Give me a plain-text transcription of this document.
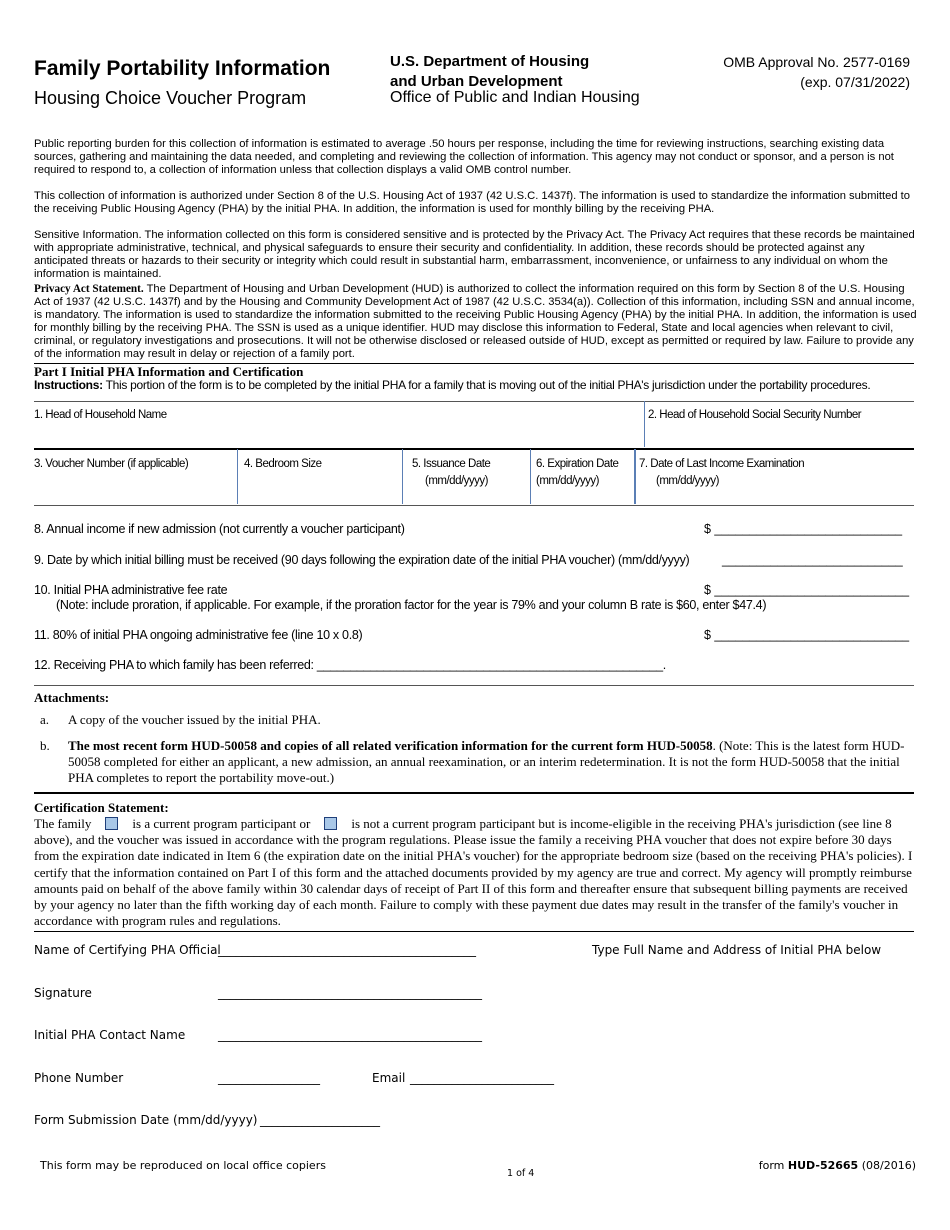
Family Portability Information
Housing Choice Voucher Program
U.S. Department of Housing
and Urban Development
Office of Public and Indian Housing
OMB Approval No. 2577-0169
(exp. 07/31/2022)
Public reporting burden for this collection of information is estimated to average .50 hours per response, including the time for reviewing instructions, searching existing data sources, gathering and maintaining the data needed, and completing and reviewing the collection of information. This agency may not conduct or sponsor, and a person is not required to respond to, a collection of information unless that collection displays a valid OMB control number.
This collection of information is authorized under Section 8 of the U.S. Housing Act of 1937 (42 U.S.C. 1437f). The information is used to standardize the information submitted to the receiving Public Housing Agency (PHA) by the initial PHA. In addition, the information is used for monthly billing by the receiving PHA.
Sensitive Information. The information collected on this form is considered sensitive and is protected by the Privacy Act. The Privacy Act requires that these records be maintained with appropriate administrative, technical, and physical safeguards to ensure their security and confidentiality. In addition, these records should be protected against any anticipated threats or hazards to their security or integrity which could result in substantial harm, embarrassment, inconvenience, or unfairness to any individual on whom the information is maintained.
Privacy Act Statement. The Department of Housing and Urban Development (HUD) is authorized to collect the information required on this form by Section 8 of the U.S. Housing Act of 1937 (42 U.S.C. 1437f) and by the Housing and Community Development Act of 1987 (42 U.S.C. 3534(a)). Collection of this information, including SSN and annual income, is mandatory. The information is used to standardize the information submitted to the receiving Public Housing Agency (PHA) by the initial PHA. In addition, the information is used for monthly billing by the receiving PHA. The SSN is used as a unique identifier. HUD may disclose this information to Federal, State and local agencies when relevant to civil, criminal, or regulatory investigations and prosecutions. It will not be otherwise disclosed or released outside of HUD, except as permitted or required by law. Failure to provide any of the information may result in delay or rejection of a family port.
Part I Initial PHA Information and Certification
Instructions: This portion of the form is to be completed by the initial PHA for a family that is moving out of the initial PHA's jurisdiction under the portability procedures.
1. Head of Household Name	2. Head of Household Social Security Number
3. Voucher Number (if applicable)	4. Bedroom Size	5. Issuance Date
(mm/dd/yyyy)
6. Expiration Date
(mm/dd/yyyy)
7. Date of Last Income Examination
(mm/dd/yyyy)
8. Annual income if new admission (not currently a voucher participant)	$ ___________________________
9. Date by which initial billing must be received (90 days following the expiration date of the initial PHA voucher) (mm/dd/yyyy)	__________________________
10. Initial PHA administrative fee rate
(Note: include proration, if applicable. For example, if the proration factor for the year is 79% and your column B rate is $60, enter $47.4)
$ ____________________________
11. 80% of initial PHA ongoing administrative fee (line 10 x 0.8)	$ ____________________________
12. Receiving PHA to which family has been referred: ____________________________________________________.
Attachments:
a. A copy of the voucher issued by the initial PHA.
b. The most recent form HUD-50058 and copies of all related verification information for the current form HUD-50058. (Note: This is the latest form HUD-50058 completed for either an applicant, a new admission, an annual reexamination, or an interim redetermination. It is not the form HUD-50058 that the initial PHA completes to report the portability move-out.)
Certification Statement:
The family	is a current program participant or	is not a current program participant but is income-eligible in the receiving PHA's jurisdiction (see line 8 above), and the voucher was issued in accordance with the program regulations. Please issue the family a receiving PHA voucher that does not expire before 30 days from the expiration date indicated in Item 6 (the expiration date on the initial PHA's voucher) for the appropriate bedroom size (based on the receiving PHA's policies). I certify that the information contained on Part I of this form and the attached documents provided by my agency are true and correct. My agency will promptly reimburse amounts paid on behalf of the above family within 30 calendar days of receipt of Part II of this form and thereafter ensure that subsequent billing payments are received by your agency no later than the fifth working day of each month. Failure to comply with these payment due dates may result in the transfer of the family's voucher in accordance with program rules and regulations.
Name of Certifying PHA Official
___________________________________________	Type Full Name and Address of Initial PHA below
Signature	____________________________________________
Initial PHA Contact Name	____________________________________________
Phone Number	_________________	Email ________________________
Form Submission Date (mm/dd/yyyy) ____________________
This form may be reproduced on local office copiers
1 of 4
form HUD-52665 (08/2016)
